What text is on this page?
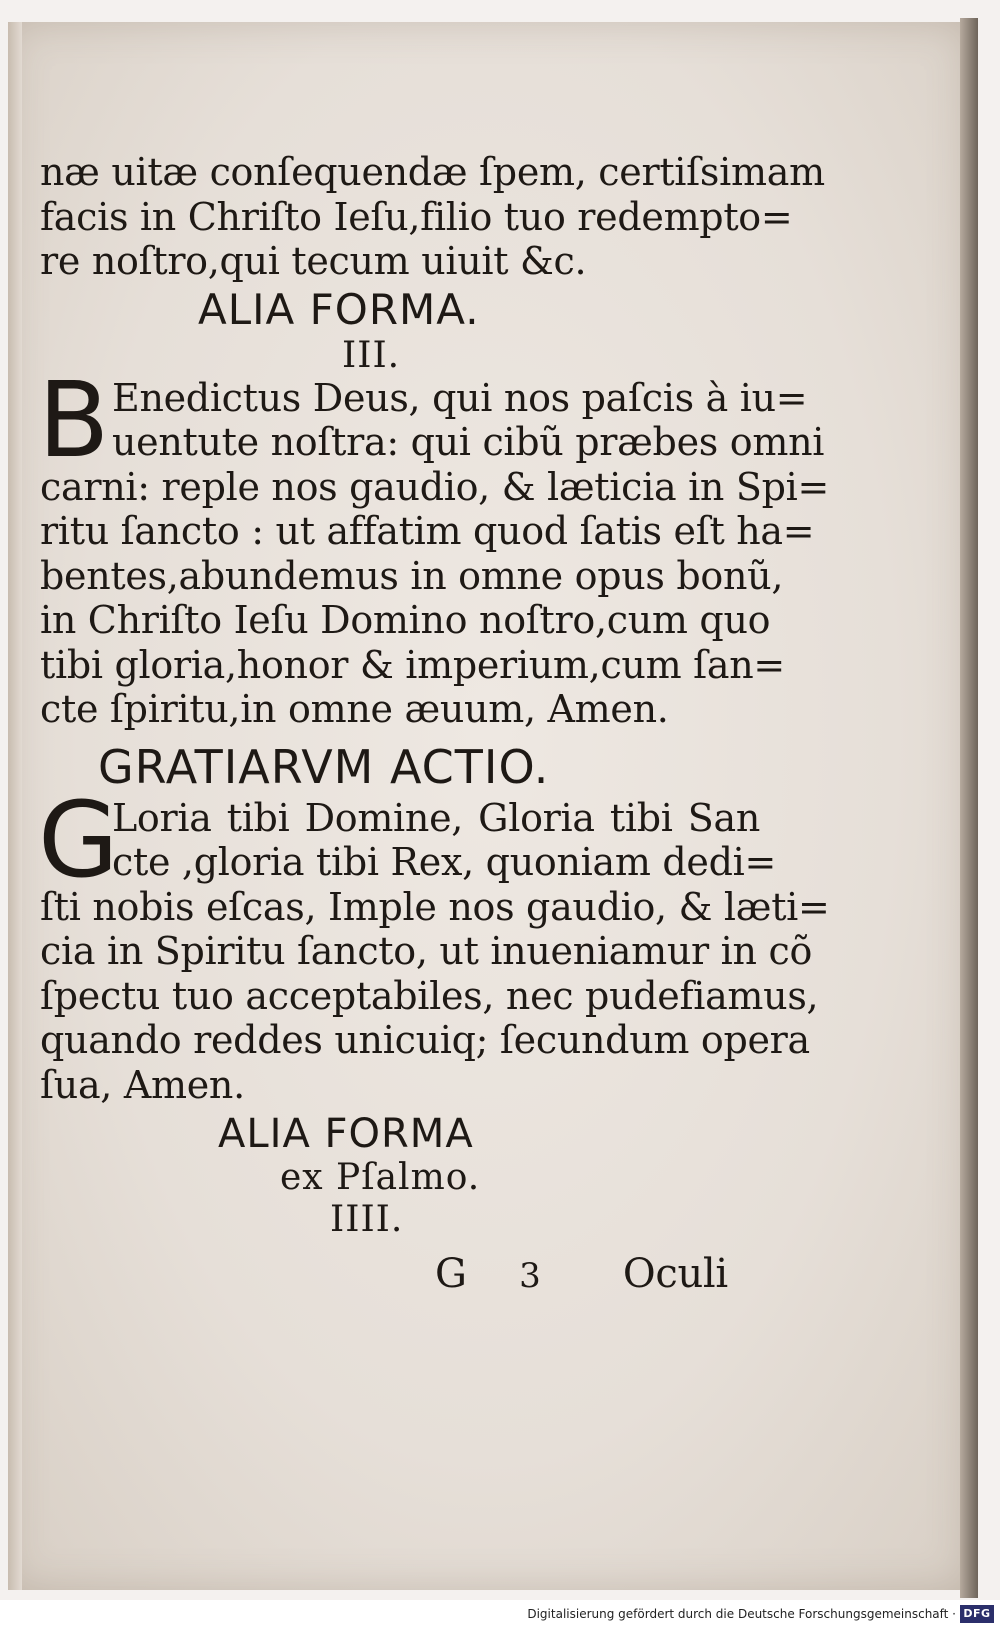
næ uitæ conſequendæ ſpem, certiſsimam
facis in Chriſto Ieſu,filio tuo redempto=
re noſtro,qui tecum uiuit &c.
ALIA FORMA.
III.
B Enedictus Deus, qui nos paſcis à iu=
uentute noſtra: qui cibũ præbes omni
carni: reple nos gaudio, & læticia in Spi=
ritu ſancto : ut affatim quod ſatis eſt ha=
bentes,abundemus in omne opus bonũ,
in Chriſto Ieſu Domino noſtro,cum quo
tibi gloria,honor & imperium,cum ſan=
cte ſpiritu,in omne æuum, Amen.
GRATIARVM ACTIO.
G
Loria tibi Domine, Gloria tibi San
cte ,gloria tibi Rex, quoniam dedi=
ſti nobis eſcas, Imple nos gaudio, & læti=
cia in Spiritu ſancto, ut inueniamur in cõ
ſpectu tuo acceptabiles, nec pudefiamus,
quando reddes unicuiq; ſecundum opera
ſua, Amen.
ALIA FORMA
ex Pſalmo.
IIII.
G 3 Oculi
Digitalisierung gefördert durch die Deutsche Forschungsgemeinschaft · DFG
